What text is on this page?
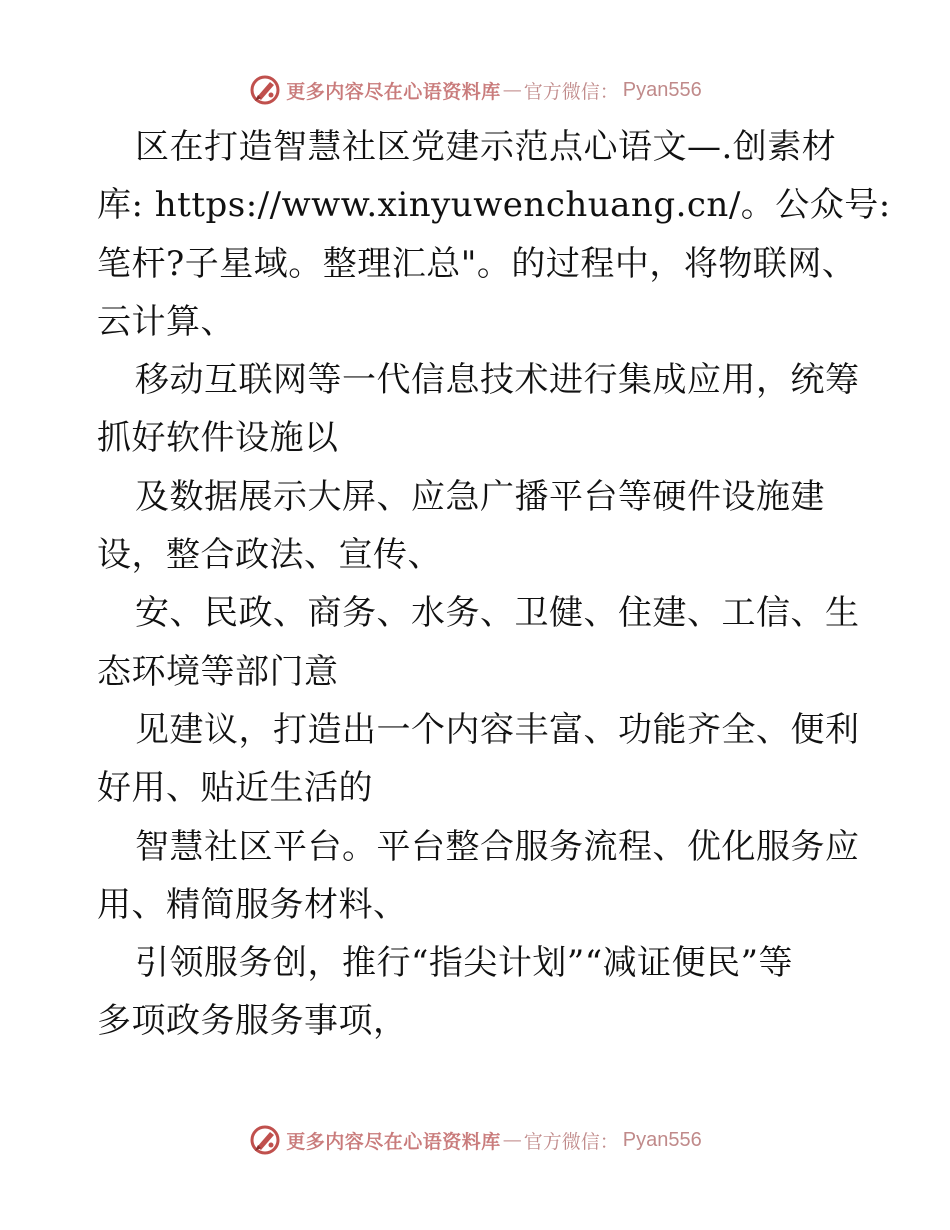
更多内容尽在心语资料库 — 官方微信： Pyan556
区在打造智慧社区党建示范点心语文—.创素材
库: https://www.xinyuwenchuang.cn/。公众号:
笔杆?子星域。整理汇总"。的过程中，将物联网、
云计算、
移动互联网等一代信息技术进行集成应用，统筹
抓好软件设施以
及数据展示大屏、应急广播平台等硬件设施建
设，整合政法、宣传、
安、民政、商务、水务、卫健、住建、工信、生
态环境等部门意
见建议，打造出一个内容丰富、功能齐全、便利
好用、贴近生活的
智慧社区平台。平台整合服务流程、优化服务应
用、精简服务材料、
引领服务创，推行“指尖计划”“减证便民”等
多项政务服务事项，
更多内容尽在心语资料库 — 官方微信： Pyan556
